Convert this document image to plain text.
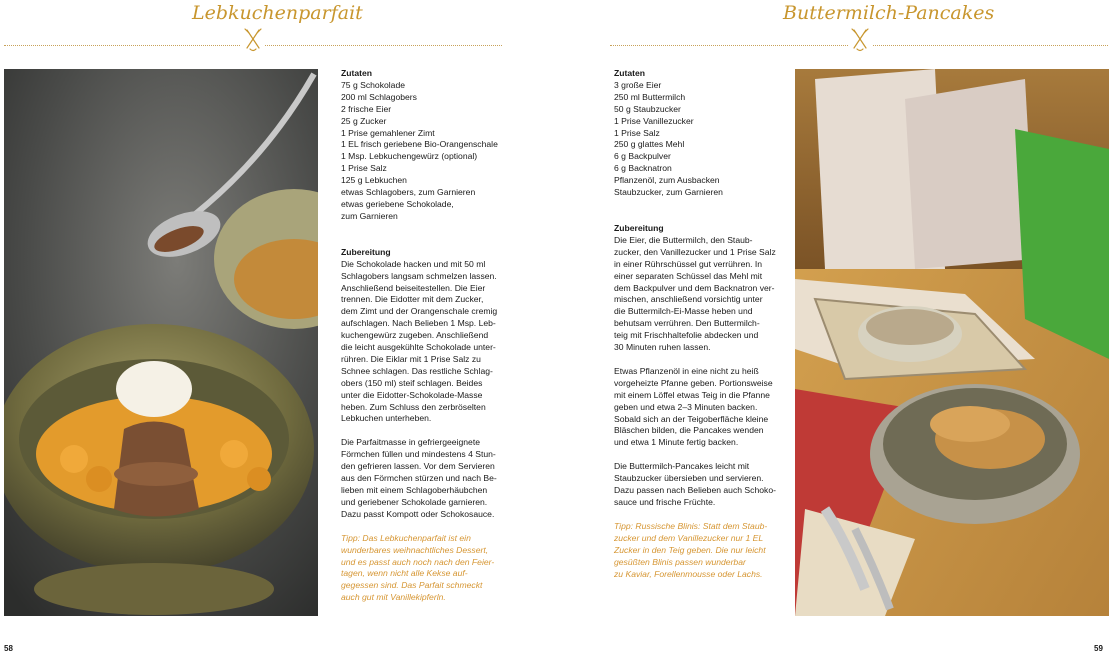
Lebkuchenparfait
Zutaten

75 g Schokolade

200 ml Schlagobers

2 frische Eier

25 g Zucker

1 Prise gemahlener Zimt

1 EL frisch geriebene Bio-Orangenschale

1 Msp. Lebkuchengewürz (optional)

1 Prise Salz

125 g Lebkuchen

etwas Schlagobers, zum Garnieren

etwas geriebene Schokolade,

zum Garnieren

Zubereitung

Die Schokolade hacken und mit 50 ml

Schlagobers langsam schmelzen lassen.

Anschließend beiseitestellen. Die Eier

trennen. Die Eidotter mit dem Zucker,

dem Zimt und der Orangenschale cremig

aufschlagen. Nach Belieben 1 Msp. Leb-

kuchengewürz zugeben. Anschließend

die leicht ausgekühlte Schokolade unter-

rühren. Die Eiklar mit 1 Prise Salz zu

Schnee schlagen. Das restliche Schlag-

obers (150 ml) steif schlagen. Beides

unter die Eidotter-Schokolade-Masse

heben. Zum Schluss den zerbröselten

Lebkuchen unterheben.

Die Parfaitmasse in gefriergeeignete

Förmchen füllen und mindestens 4 Stun-

den gefrieren lassen. Vor dem Servieren

aus den Förmchen stürzen und nach Be-

lieben mit einem Schlagoberhäubchen

und geriebener Schokolade garnieren.

Dazu passt Kompott oder Schokosauce.

Tipp: Das Lebkuchenparfait ist ein

wunderbares weihnachtliches Dessert,

und es passt auch noch nach den Feier-

tagen, wenn nicht alle Kekse auf-

gegessen sind. Das Parfait schmeckt

auch gut mit Vanillekipferln.

58
Buttermilch-Pancakes
Zutaten

3 große Eier

250 ml Buttermilch

50 g Staubzucker

1 Prise Vanillezucker

1 Prise Salz

250 g glattes Mehl

6 g Backpulver

6 g Backnatron

Pflanzenöl, zum Ausbacken

Staubzucker, zum Garnieren

Zubereitung

Die Eier, die Buttermilch, den Staub-

zucker, den Vanillezucker und 1 Prise Salz

in einer Rührschüssel gut verrühren. In

einer separaten Schüssel das Mehl mit

dem Backpulver und dem Backnatron ver-

mischen, anschließend vorsichtig unter

die Buttermilch-Ei-Masse heben und

behutsam verrühren. Den Buttermilch-

teig mit Frischhaltefolie abdecken und

30 Minuten ruhen lassen.

Etwas Pflanzenöl in eine nicht zu heiß

vorgeheizte Pfanne geben. Portionsweise

mit einem Löffel etwas Teig in die Pfanne

geben und etwa 2–3 Minuten backen.

Sobald sich an der Teigoberfläche kleine

Bläschen bilden, die Pancakes wenden

und etwa 1 Minute fertig backen.

Die Buttermilch-Pancakes leicht mit

Staubzucker übersieben und servieren.

Dazu passen nach Belieben auch Schoko-

sauce und frische Früchte.

Tipp: Russische Blinis: Statt dem Staub-

zucker und dem Vanillezucker nur 1 EL

Zucker in den Teig geben. Die nur leicht

gesüßten Blinis passen wunderbar

zu Kaviar, Forellenmousse oder Lachs.

59
